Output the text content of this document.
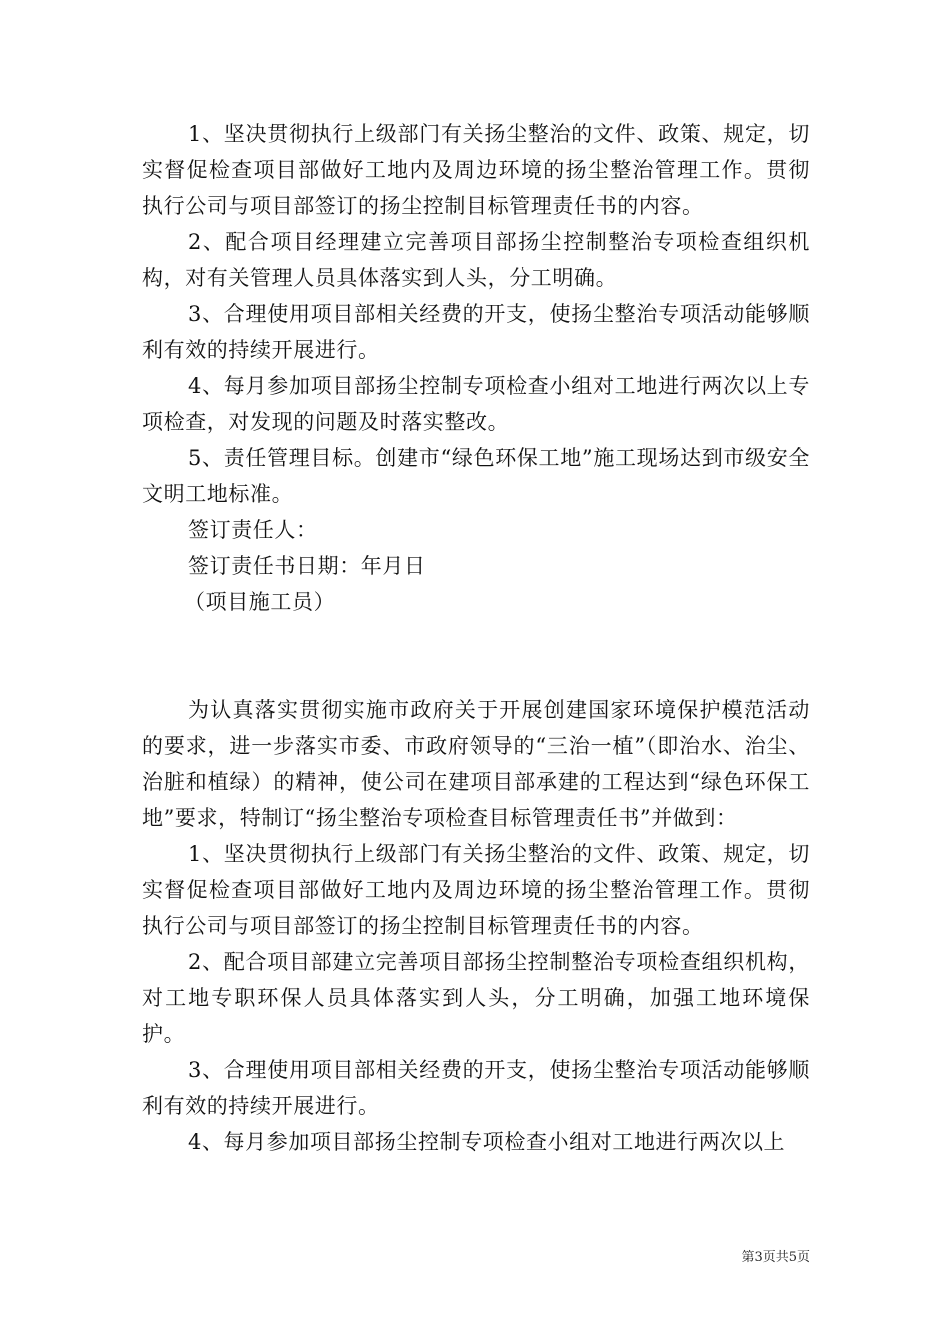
1、坚决贯彻执行上级部门有关扬尘整治的文件、政策、规定，切实督促检查项目部做好工地内及周边环境的扬尘整治管理工作。贯彻执行公司与项目部签订的扬尘控制目标管理责任书的内容。

2、配合项目经理建立完善项目部扬尘控制整治专项检查组织机构，对有关管理人员具体落实到人头，分工明确。

3、合理使用项目部相关经费的开支，使扬尘整治专项活动能够顺利有效的持续开展进行。

4、每月参加项目部扬尘控制专项检查小组对工地进行两次以上专项检查，对发现的问题及时落实整改。

5、责任管理目标。创建市“绿色环保工地”施工现场达到市级安全文明工地标准。

签订责任人：

签订责任书日期：年月日

（项目施工员）

为认真落实贯彻实施市政府关于开展创建国家环境保护模范活动的要求，进一步落实市委、市政府领导的“三治一植”（即治水、治尘、治脏和植绿）的精神，使公司在建项目部承建的工程达到“绿色环保工地”要求，特制订“扬尘整治专项检查目标管理责任书”并做到：

1、坚决贯彻执行上级部门有关扬尘整治的文件、政策、规定，切实督促检查项目部做好工地内及周边环境的扬尘整治管理工作。贯彻执行公司与项目部签订的扬尘控制目标管理责任书的内容。

2、配合项目部建立完善项目部扬尘控制整治专项检查组织机构，对工地专职环保人员具体落实到人头，分工明确，加强工地环境保护。

3、合理使用项目部相关经费的开支，使扬尘整治专项活动能够顺利有效的持续开展进行。

4、每月参加项目部扬尘控制专项检查小组对工地进行两次以上

第3页共5页
